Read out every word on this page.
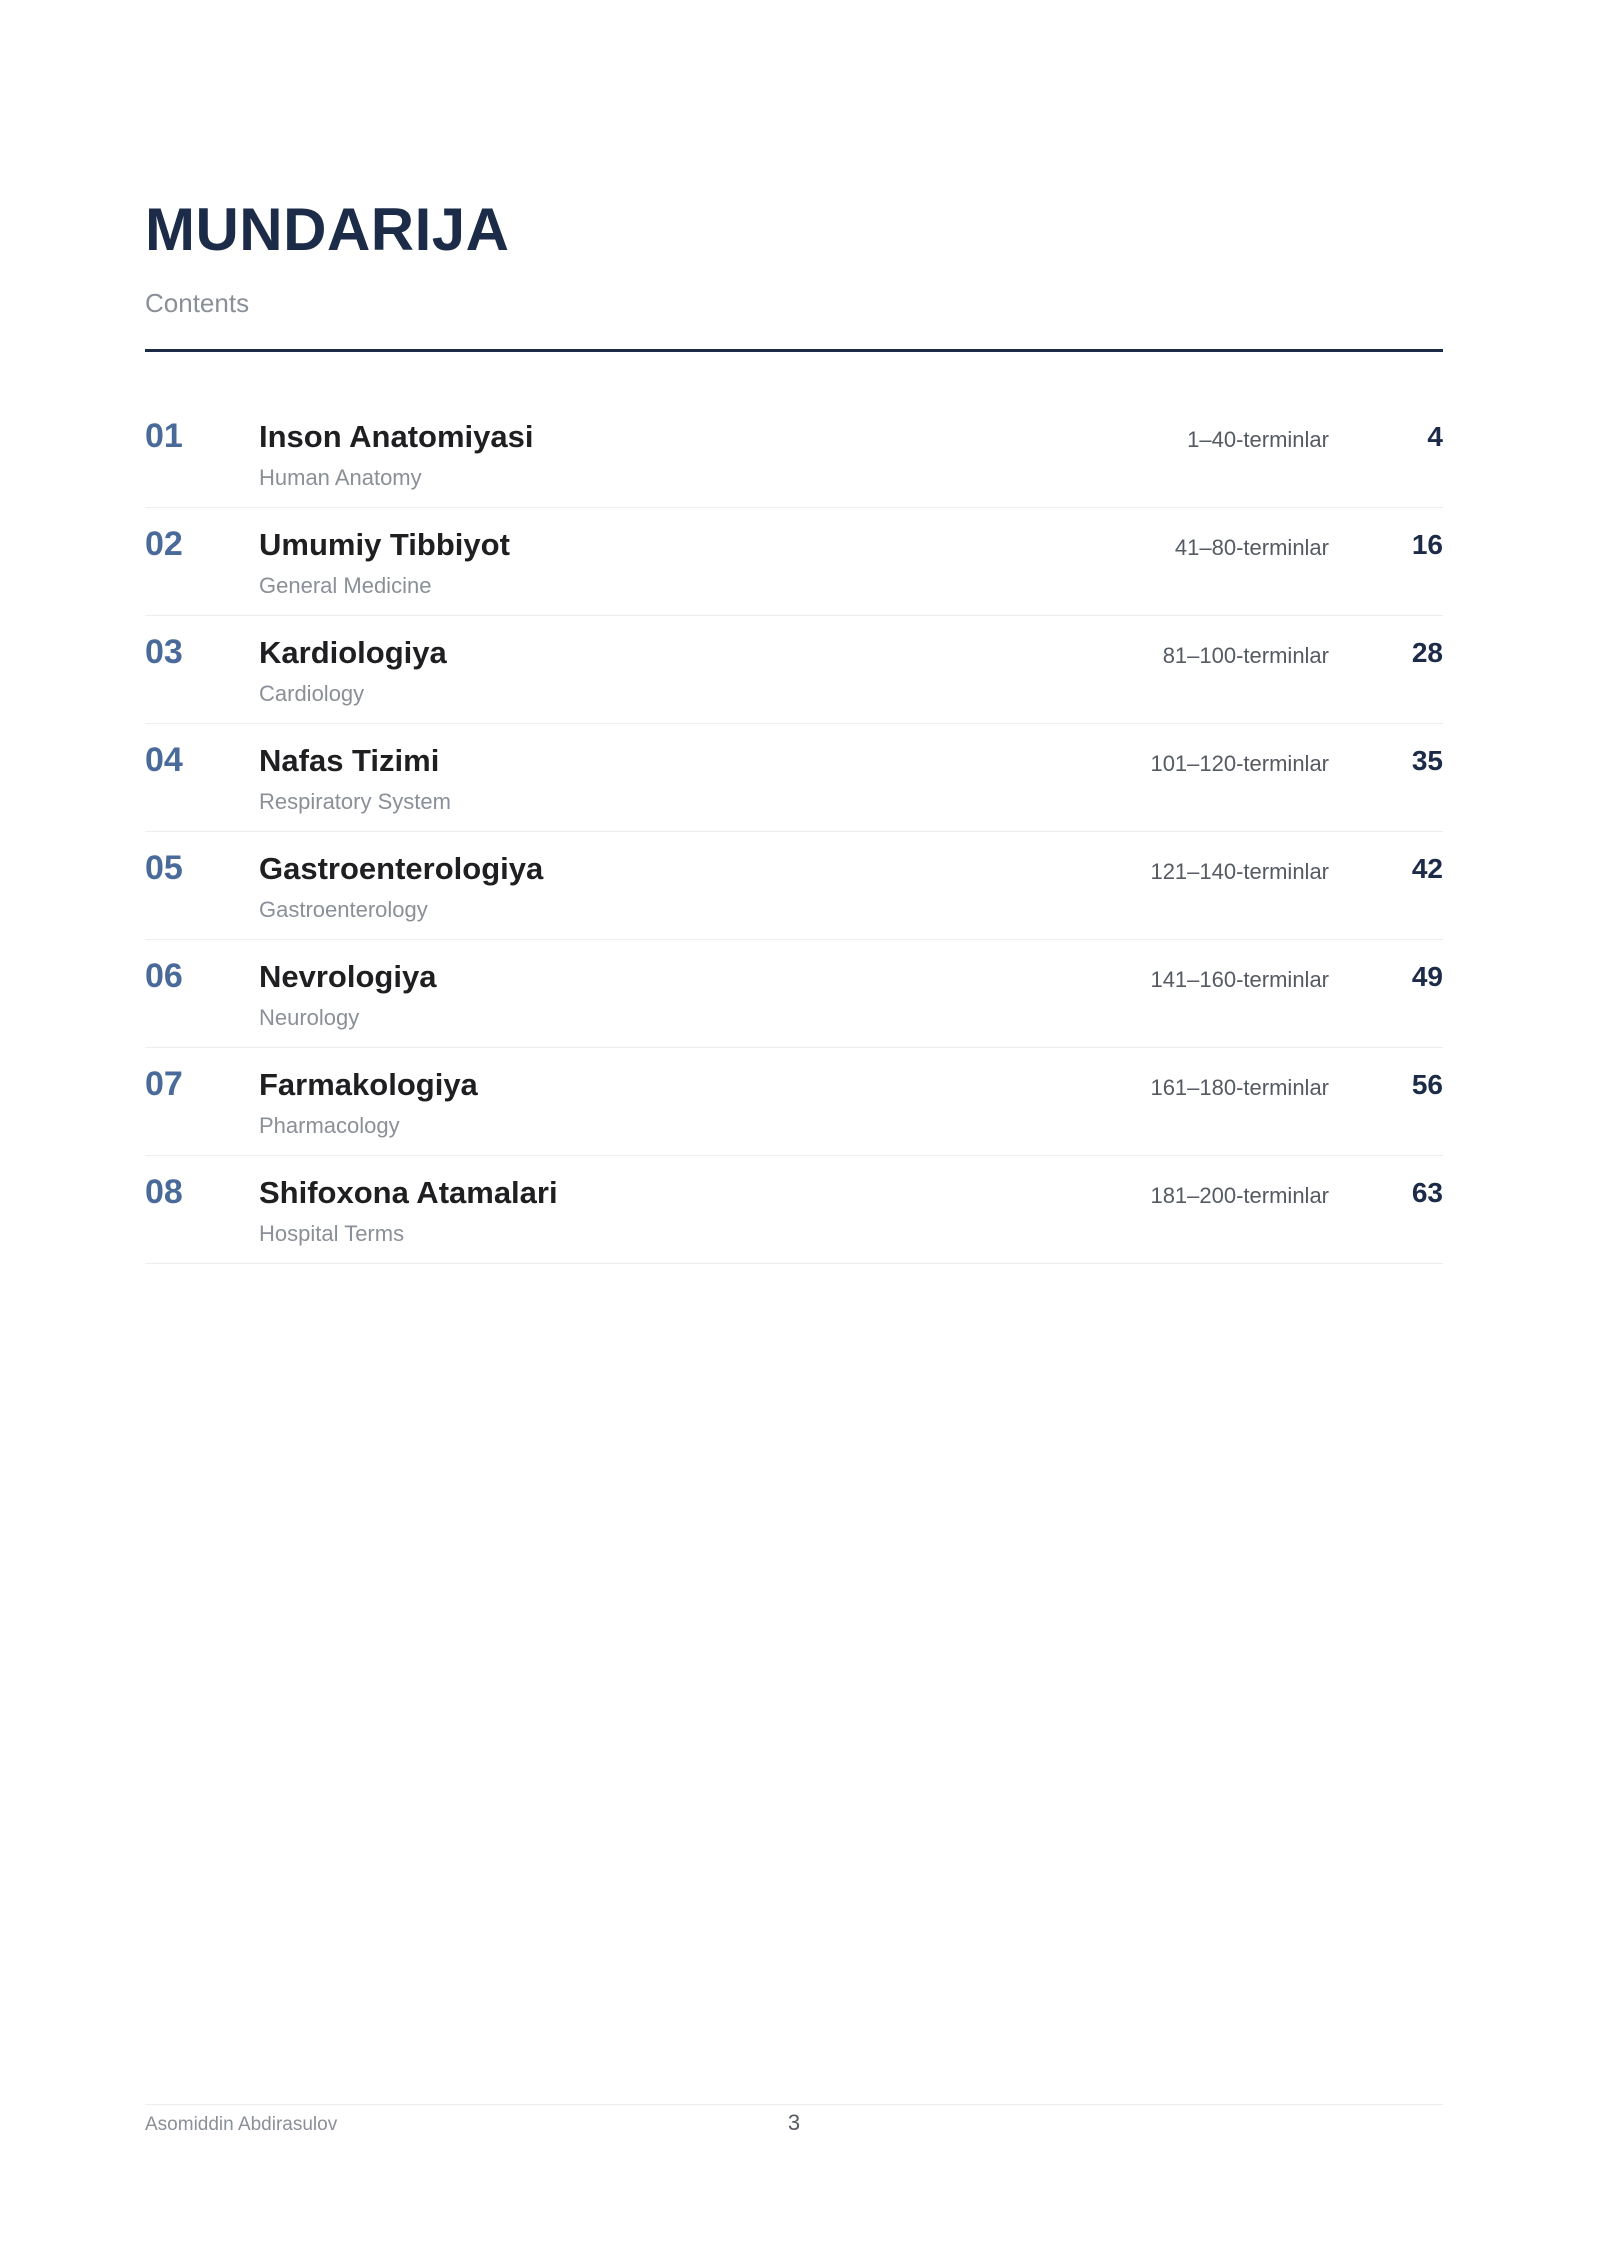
MUNDARIJA
Contents
01 Inson Anatomiyasi
Human Anatomy
1–40-terminlar	4
02 Umumiy Tibbiyot
General Medicine
41–80-terminlar	16
03 Kardiologiya
Cardiology
81–100-terminlar	28
04 Nafas Tizimi
Respiratory System
101–120-terminlar	35
05 Gastroenterologiya
Gastroenterology
121–140-terminlar	42
06 Nevrologiya
Neurology
141–160-terminlar	49
07 Farmakologiya
Pharmacology
161–180-terminlar	56
08 Shifoxona Atamalari
Hospital Terms
181–200-terminlar	63
Asomiddin Abdirasulov	3
